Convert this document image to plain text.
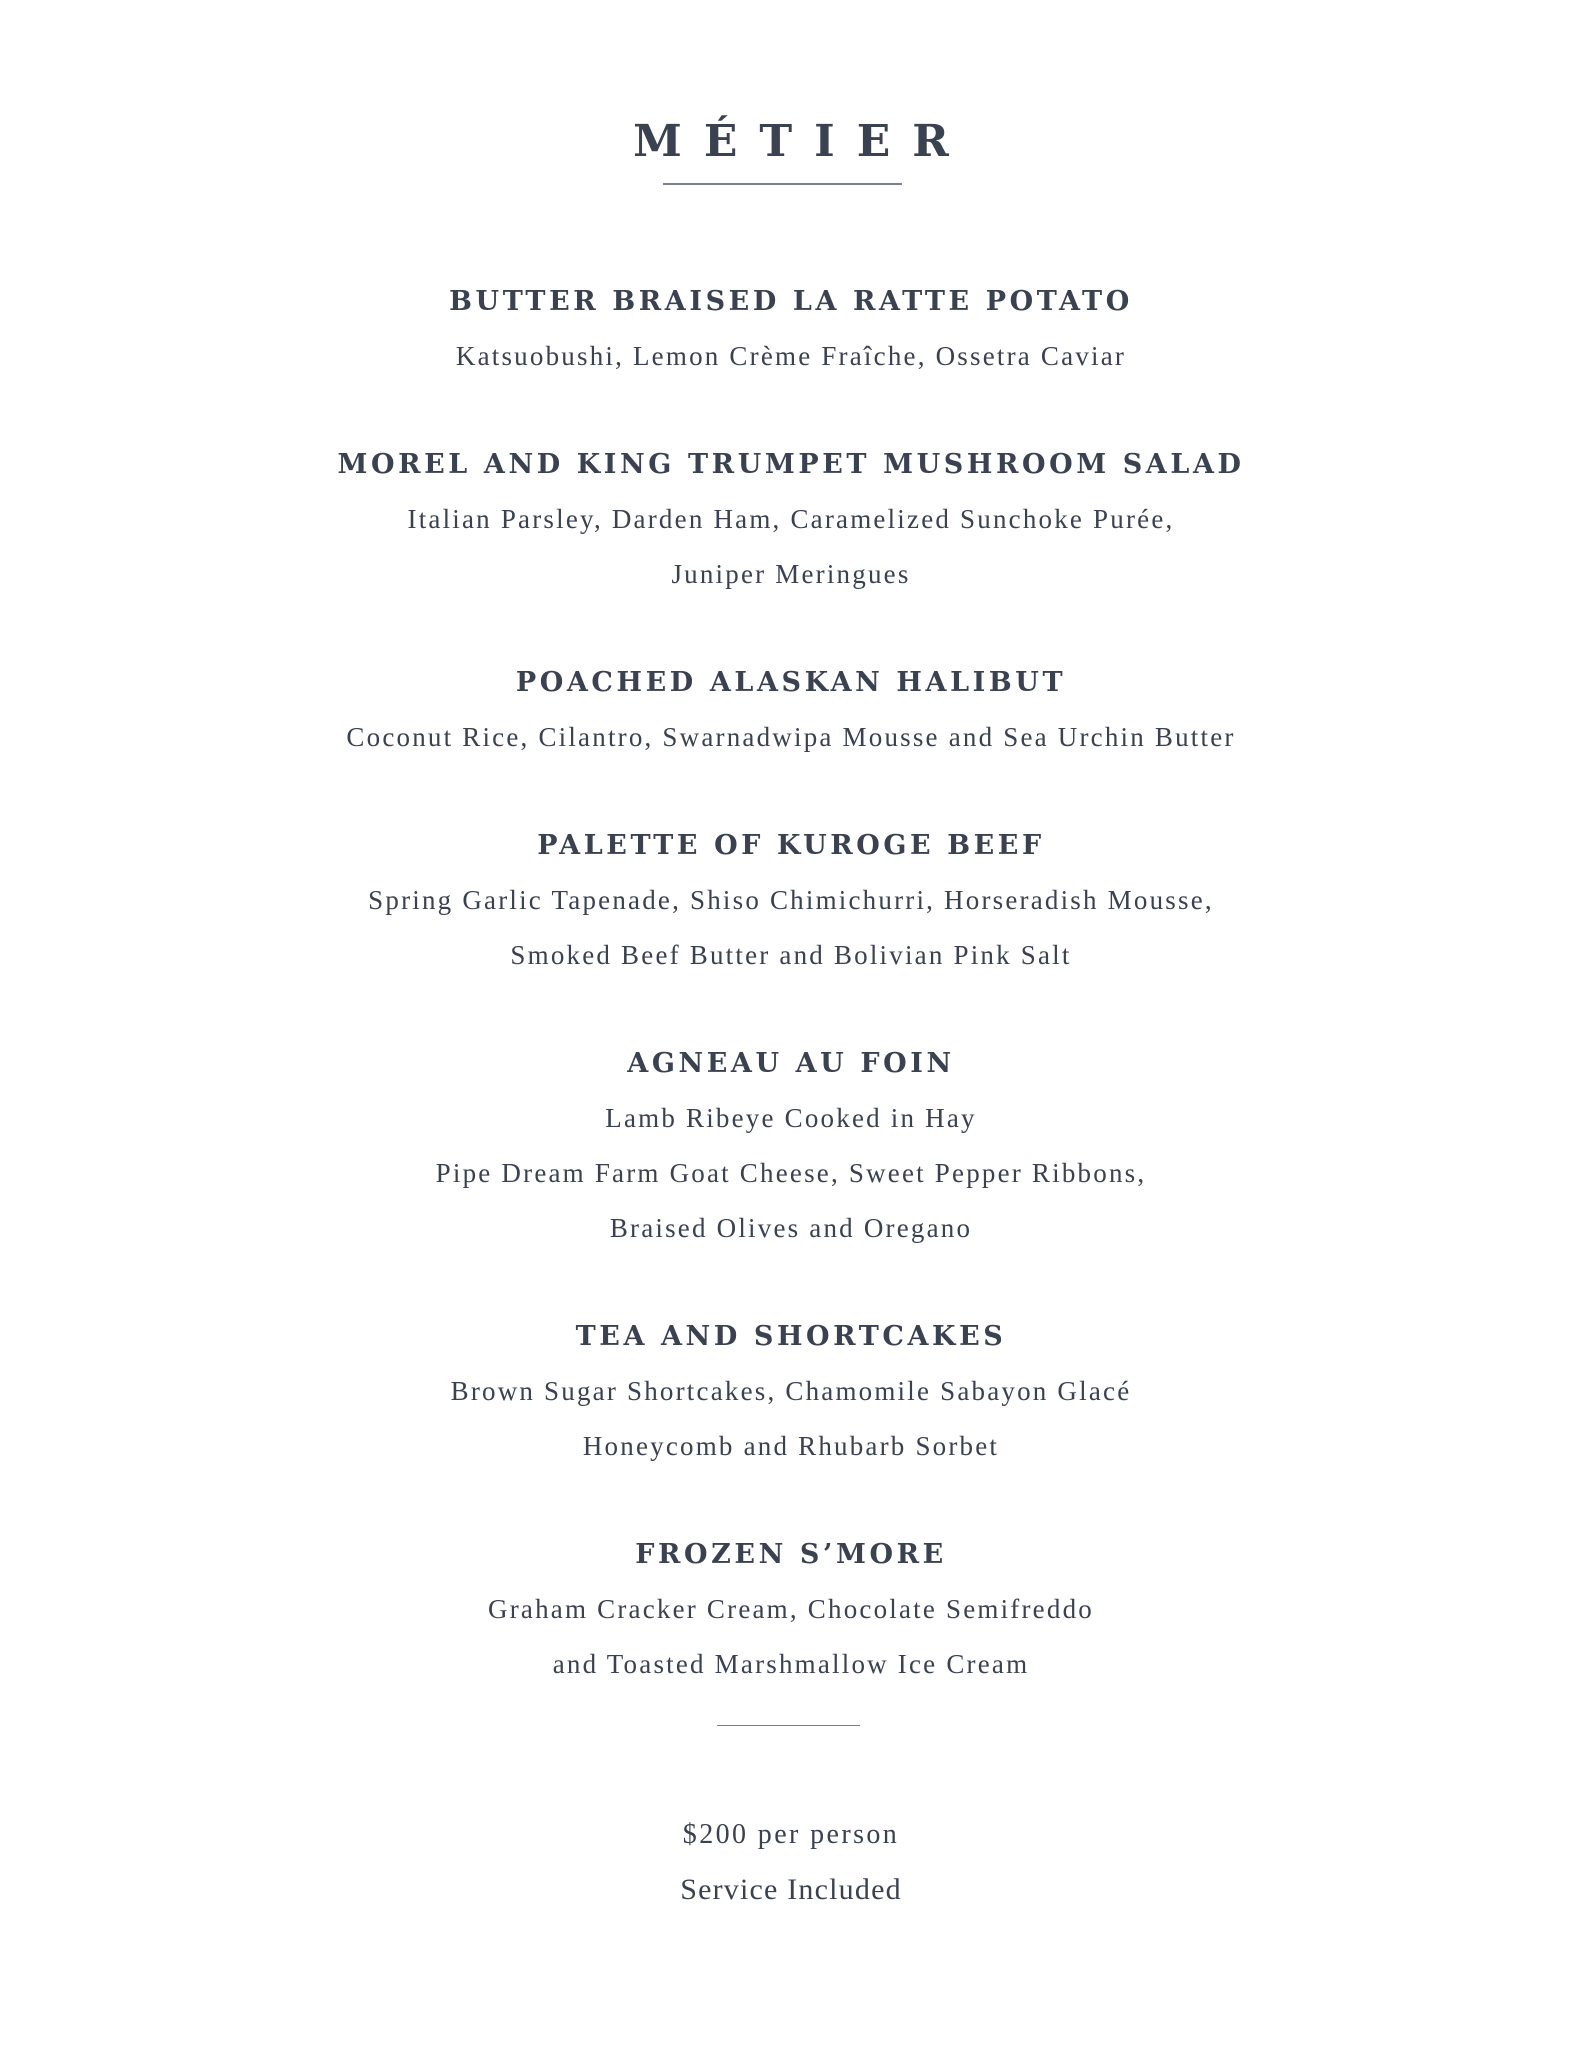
MÉTIER
BUTTER BRAISED LA RATTE POTATO
Katsuobushi, Lemon Crème Fraîche, Ossetra Caviar
MOREL AND KING TRUMPET MUSHROOM SALAD
Italian Parsley, Darden Ham, Caramelized Sunchoke Purée,
Juniper Meringues
POACHED ALASKAN HALIBUT
Coconut Rice, Cilantro, Swarnadwipa Mousse and Sea Urchin Butter
PALETTE OF KUROGE BEEF
Spring Garlic Tapenade, Shiso Chimichurri, Horseradish Mousse,
Smoked Beef Butter and Bolivian Pink Salt
AGNEAU AU FOIN
Lamb Ribeye Cooked in Hay
Pipe Dream Farm Goat Cheese, Sweet Pepper Ribbons,
Braised Olives and Oregano
TEA AND SHORTCAKES
Brown Sugar Shortcakes, Chamomile Sabayon Glacé
Honeycomb and Rhubarb Sorbet
FROZEN S’MORE
Graham Cracker Cream, Chocolate Semifreddo
and Toasted Marshmallow Ice Cream
$200 per person
Service Included
